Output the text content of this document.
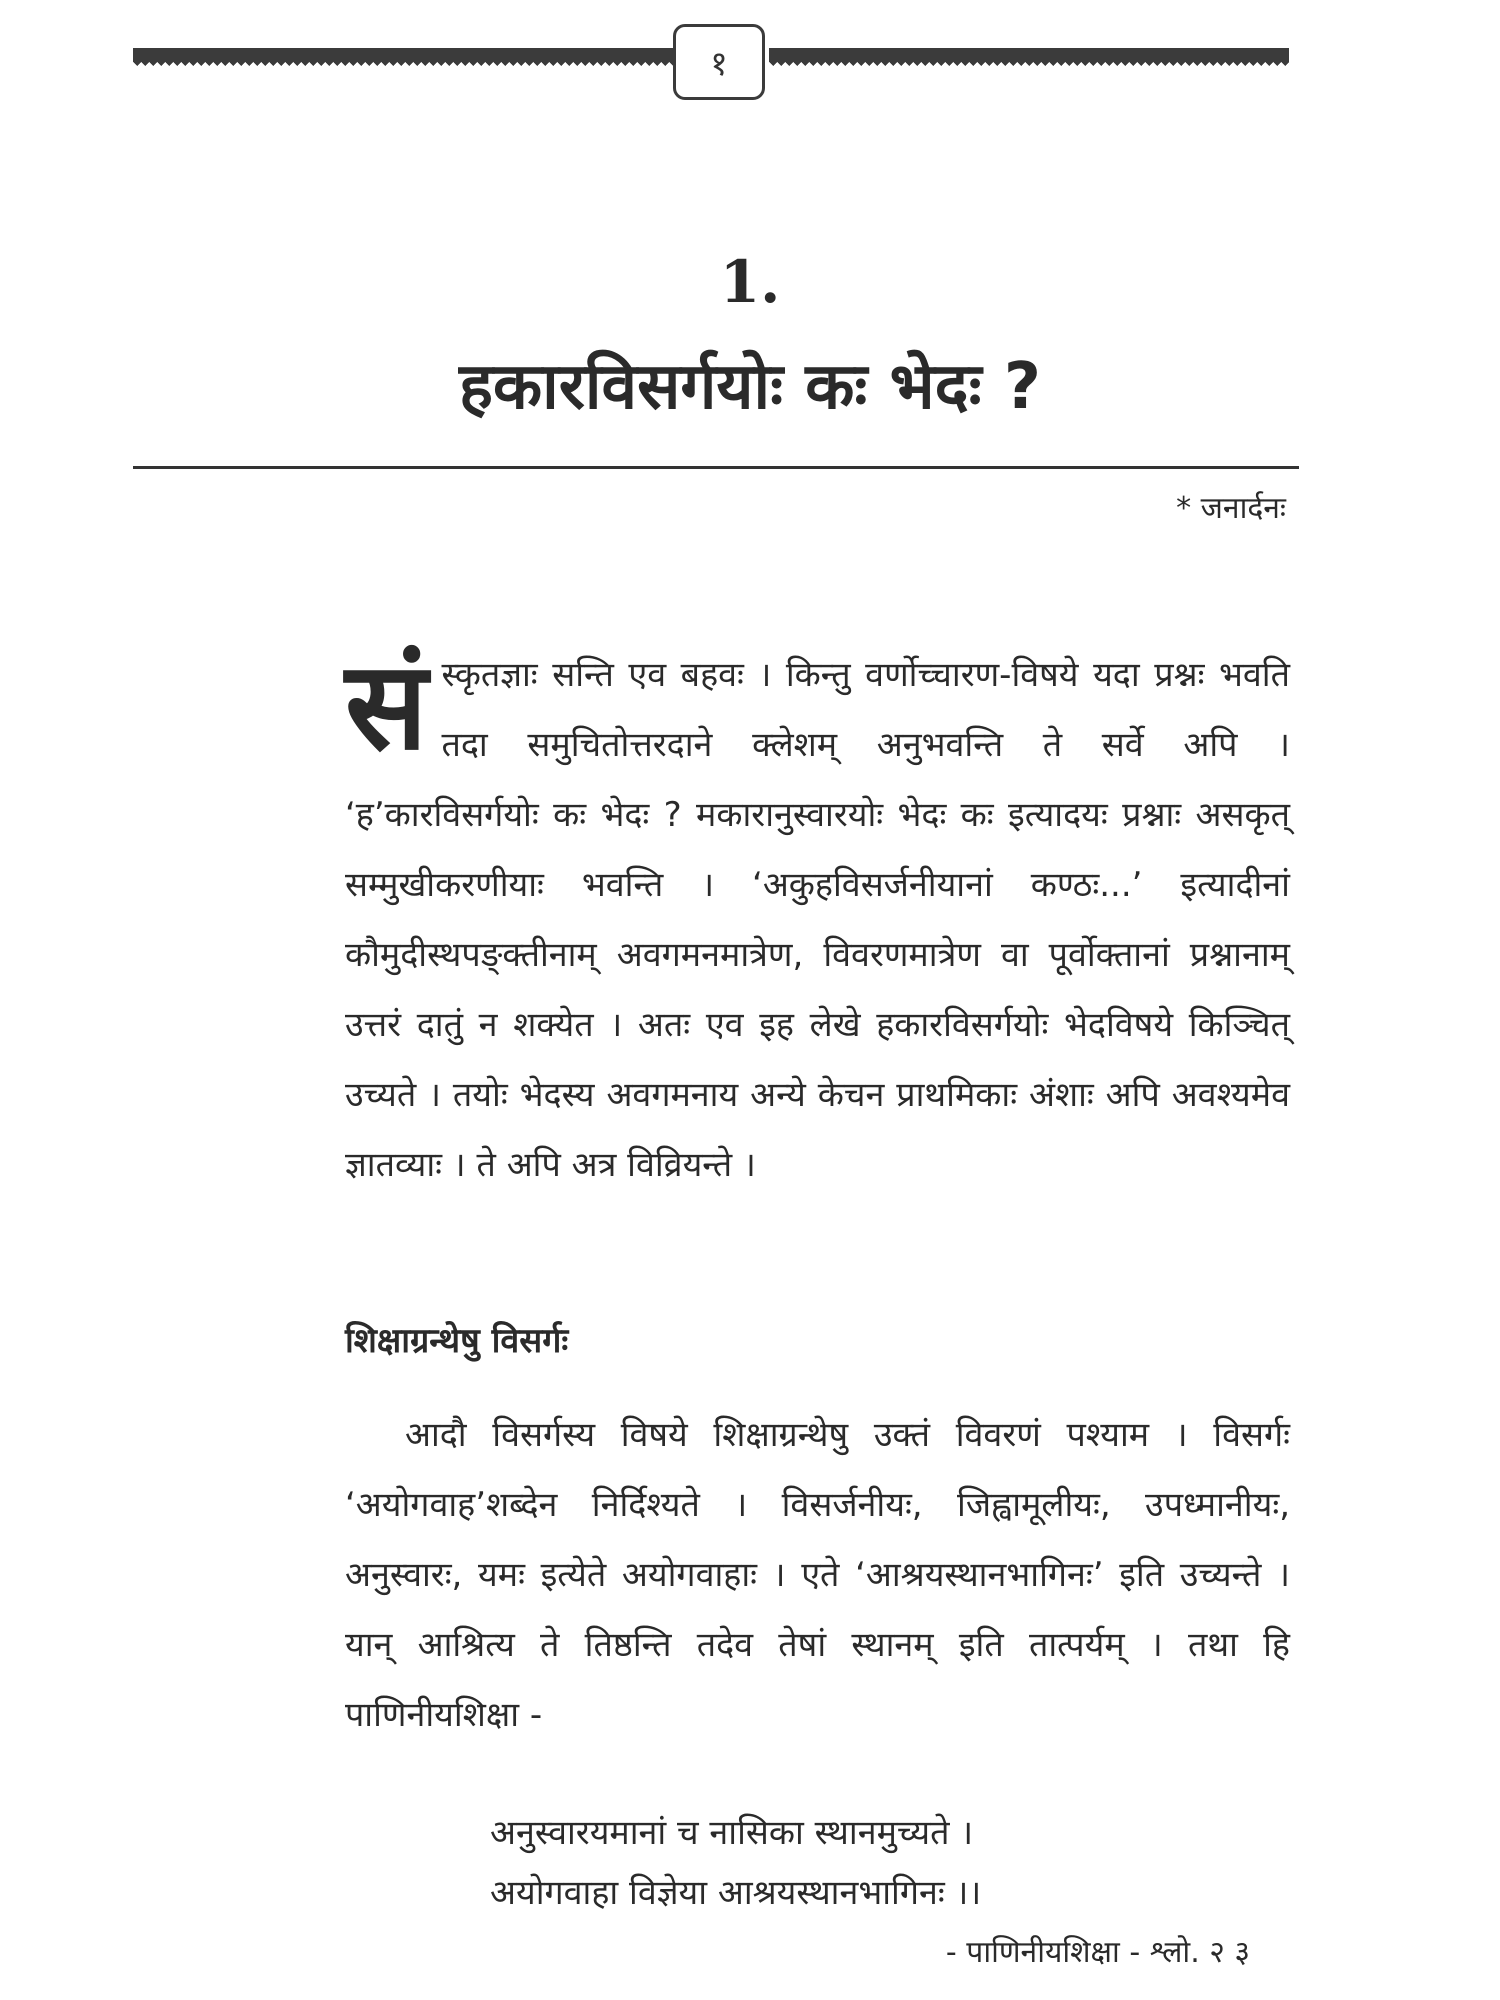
१
1.
हकारविसर्गयोः कः भेदः ?
* जनार्दनः
सं स्कृतज्ञाः सन्ति एव बहवः । किन्तु वर्णोच्चारण-विषये यदा प्रश्नः भवति तदा समुचितोत्तरदाने क्लेशम् अनुभवन्ति ते सर्वे अपि । ‘ह’कारविसर्गयोः कः भेदः ? मकारानुस्वारयोः भेदः कः इत्यादयः प्रश्नाः असकृत् सम्मुखीकरणीयाः भवन्ति । ‘अकुहविसर्जनीयानां कण्ठः...’ इत्यादीनां कौमुदीस्थपङ्क्तीनाम् अवगमनमात्रेण, विवरणमात्रेण वा पूर्वोक्तानां प्रश्नानाम् उत्तरं दातुं न शक्येत । अतः एव इह लेखे हकारविसर्गयोः भेदविषये किञ्चित् उच्यते । तयोः भेदस्य अवगमनाय अन्ये केचन प्राथमिकाः अंशाः अपि अवश्यमेव ज्ञातव्याः । ते अपि अत्र विव्रियन्ते ।

शिक्षाग्रन्थेषु विसर्गः

आदौ विसर्गस्य विषये शिक्षाग्रन्थेषु उक्तं विवरणं पश्याम । विसर्गः ‘अयोगवाह’शब्देन निर्दिश्यते । विसर्जनीयः, जिह्वामूलीयः, उपध्मानीयः, अनुस्वारः, यमः इत्येते अयोगवाहाः । एते ‘आश्रयस्थानभागिनः’ इति उच्यन्ते । यान् आश्रित्य ते तिष्ठन्ति तदेव तेषां स्थानम् इति तात्पर्यम् । तथा हि पाणिनीयशिक्षा -

अनुस्वारयमानां च नासिका स्थानमुच्यते ।
अयोगवाहा विज्ञेया आश्रयस्थानभागिनः ।।
- पाणिनीयशिक्षा - श्लो. २ ३
